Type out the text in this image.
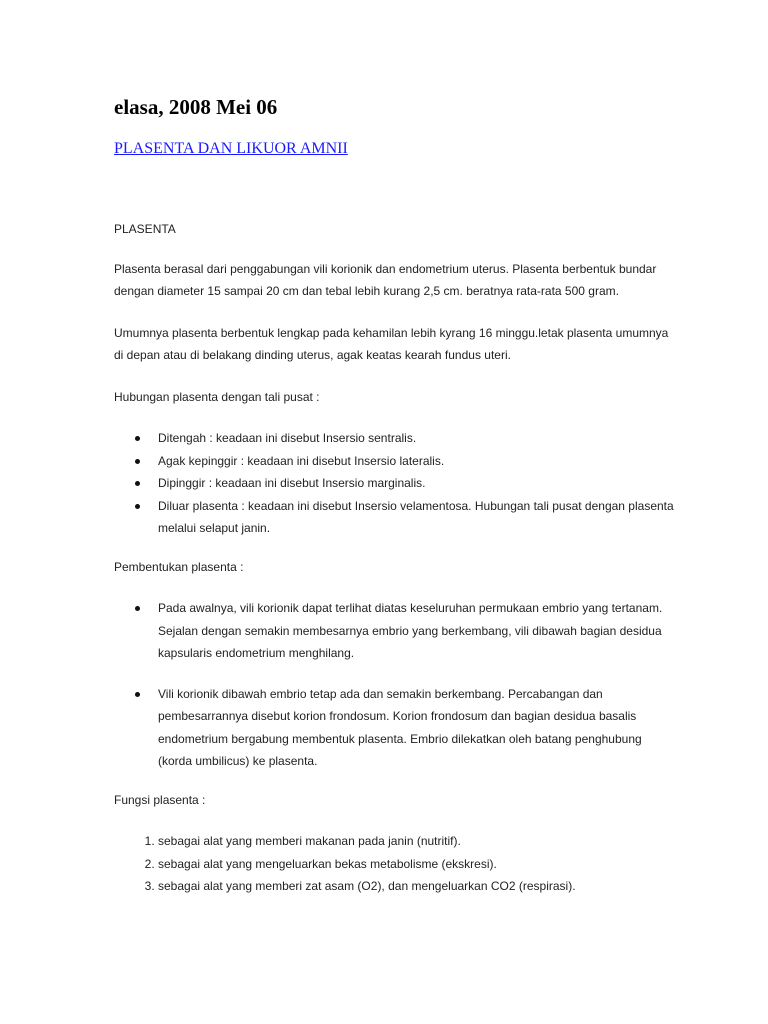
elasa, 2008 Mei 06
PLASENTA DAN LIKUOR AMNII

PLASENTA

Plasenta berasal dari penggabungan vili korionik dan endometrium uterus. Plasenta berbentuk bundar dengan diameter 15 sampai 20 cm dan tebal lebih kurang 2,5 cm. beratnya rata-rata 500 gram.

Umumnya plasenta berbentuk lengkap pada kehamilan lebih kyrang 16 minggu.letak plasenta umumnya di depan atau di belakang dinding uterus, agak keatas kearah fundus uteri.

Hubungan plasenta dengan tali pusat :

Ditengah : keadaan ini disebut Insersio sentralis.
Agak kepinggir : keadaan ini disebut Insersio lateralis.
Dipinggir : keadaan ini disebut Insersio marginalis.
Diluar plasenta : keadaan ini disebut Insersio velamentosa. Hubungan tali pusat dengan plasenta melalui selaput janin.

Pembentukan plasenta :

Pada awalnya, vili korionik dapat terlihat diatas keseluruhan permukaan embrio yang tertanam. Sejalan dengan semakin membesarnya embrio yang berkembang, vili dibawah bagian desidua kapsularis endometrium menghilang.
Vili korionik dibawah embrio tetap ada dan semakin berkembang. Percabangan dan pembesarrannya disebut korion frondosum. Korion frondosum dan bagian desidua basalis endometrium bergabung membentuk plasenta. Embrio dilekatkan oleh batang penghubung (korda umbilicus) ke plasenta.

Fungsi plasenta :

1. sebagai alat yang memberi makanan pada janin (nutritif).
2. sebagai alat yang mengeluarkan bekas metabolisme (ekskresi).
3. sebagai alat yang memberi zat asam (O2), dan mengeluarkan CO2 (respirasi).
